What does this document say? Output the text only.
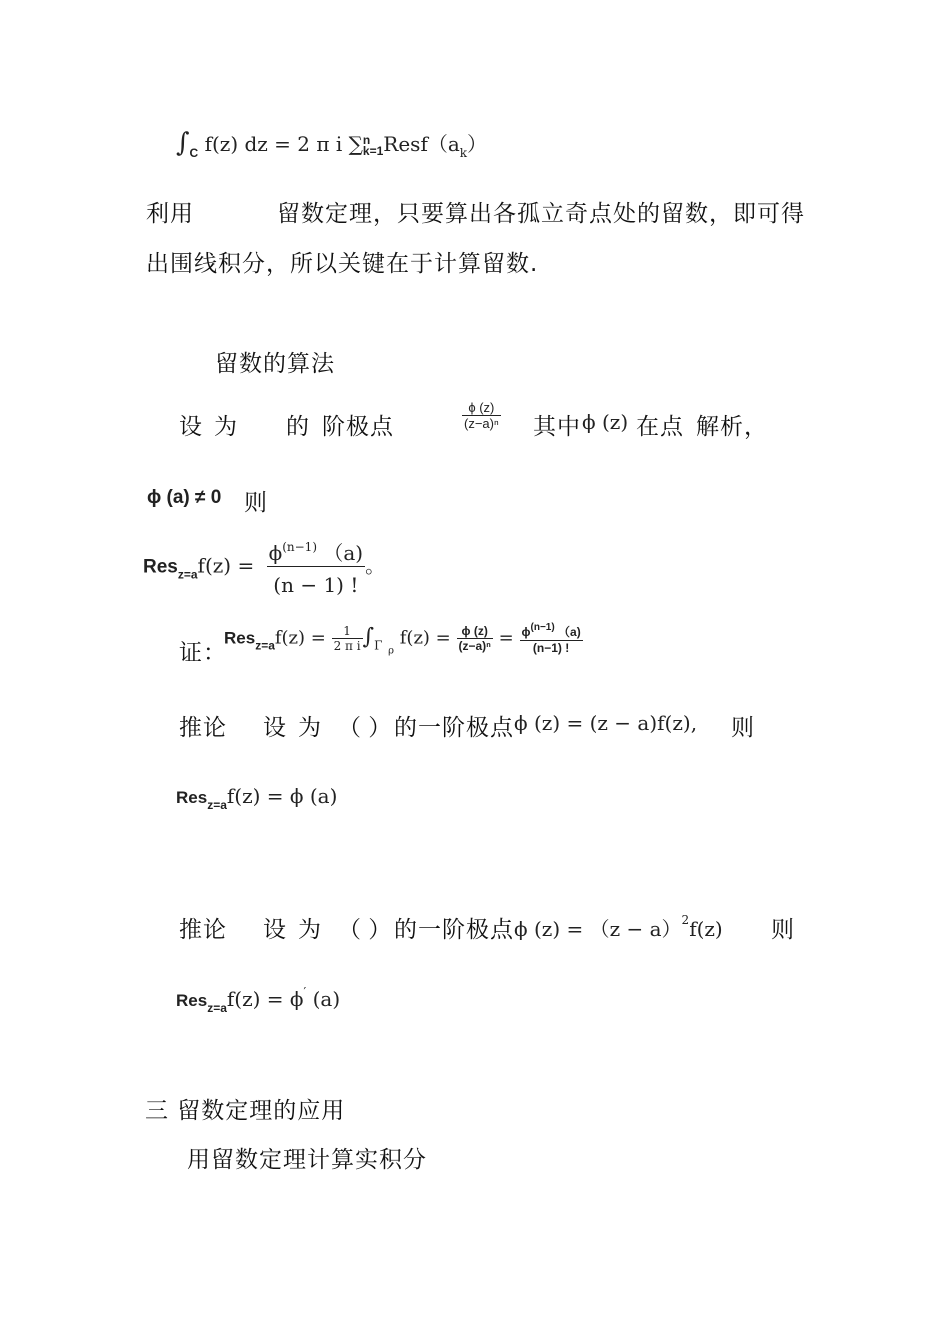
$\int_C$ f(z) dz = 2 π i ∑ n
k=1 $Resf(a_k)$
利用	留数定理，只要算出各孤立奇点处的留数，即可得
出围线积分，所以关键在于计算留数.
留数的算法
设 为 的 阶极点	$\frac{\phi (z)}{\text{(z−a)ⁿ}}$ 其中 ϕ (z) 在点 解析，
ϕ (a) ≠ 0 则
$Res_{z=a}f(z) = \frac{\phi^{(n-1)} (a)}{(n - 1) !}$ 。
证：
$Res_{z=a}f(z) = \frac{1}{\text{2 π i}} \int_\Gamma$ $_\rho$ $f(z) = \frac{\phi (z)}{\text{(z−a)ⁿ}} = \frac{\phi^{(n-1)} (a)}{(n-1) !}$
推论 设 为 （ ） 的一阶极点 ϕ (z) = (z − a)f(z), 则
Res$_{z=a}$f(z) = ϕ (a)
推论 设 为 （ ） 的一阶极点 ϕ $(z) = (z - a)^2f(z)$ 则
Res$_{z=a}$f(z) = ϕ′ (a)
三 留数定理的应用
用留数定理计算实积分
